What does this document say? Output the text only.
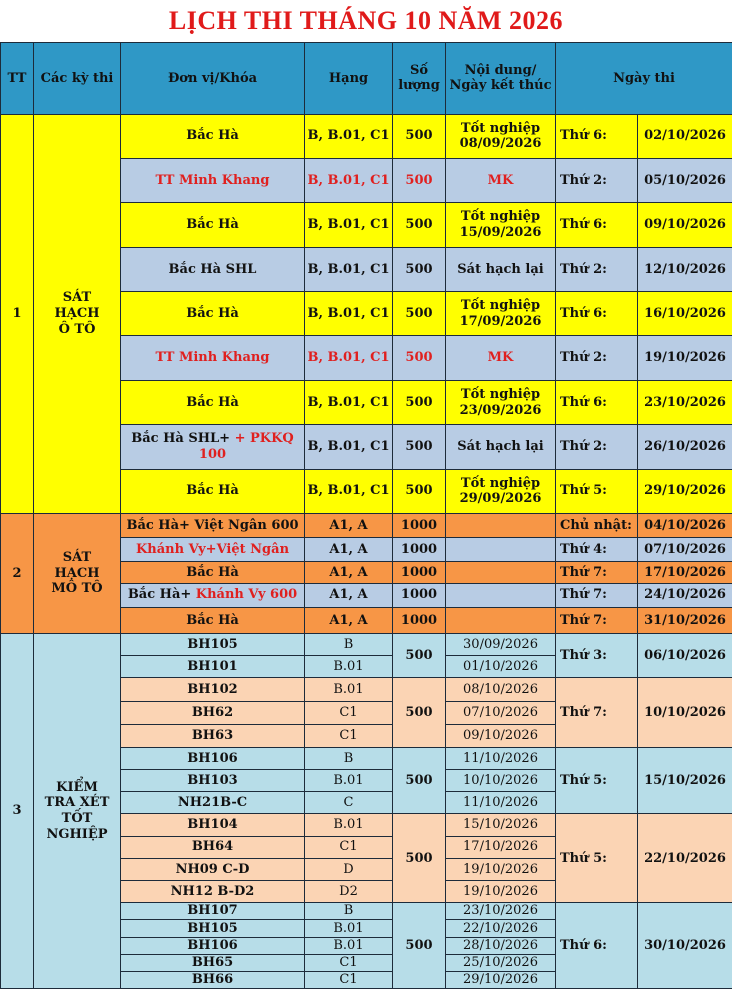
LỊCH THI THÁNG 10 NĂM 2026
TT	Các kỳ thi	Đơn vị/Khóa	Hạng	Số
lượng	Nội dung/
Ngày kết thúc	Ngày thi	
1	SÁT
HẠCH
Ô TÔ	Bắc Hà	B, B.01, C1	500	Tốt nghiệp
08/09/2026	Thứ 6:	02/10/2026
		TT Minh Khang	B, B.01, C1	500	MK	Thứ 2:	05/10/2026
		Bắc Hà	B, B.01, C1	500	Tốt nghiệp
15/09/2026	Thứ 6:	09/10/2026
		Bắc Hà SHL	B, B.01, C1	500	Sát hạch lại	Thứ 2:	12/10/2026
		Bắc Hà	B, B.01, C1	500	Tốt nghiệp
17/09/2026	Thứ 6:	16/10/2026
		TT Minh Khang	B, B.01, C1	500	MK	Thứ 2:	19/10/2026
		Bắc Hà	B, B.01, C1	500	Tốt nghiệp
23/09/2026	Thứ 6:	23/10/2026
		Bắc Hà SHL+ + PKKQ
100	B, B.01, C1	500	Sát hạch lại	Thứ 2:	26/10/2026
		Bắc Hà	B, B.01, C1	500	Tốt nghiệp
29/09/2026	Thứ 5:	29/10/2026
2	SÁT
HẠCH
MÔ TÔ	Bắc Hà+ Việt Ngân 600	A1, A	1000		Chủ nhật:	04/10/2026
		Khánh Vy+Việt Ngân	A1, A	1000		Thứ 4:	07/10/2026
		Bắc Hà	A1, A	1000		Thứ 7:	17/10/2026
		Bắc Hà+ Khánh Vy 600	A1, A	1000		Thứ 7:	24/10/2026
		Bắc Hà	A1, A	1000		Thứ 7:	31/10/2026
3	KIỂM
TRA XÉT
TỐT
NGHIỆP	BH105	B	500	30/09/2026	Thứ 3:	06/10/2026
		BH101	B.01		01/10/2026		
		BH102	B.01	500	08/10/2026	Thứ 7:	10/10/2026
		BH62	C1		07/10/2026		
		BH63	C1		09/10/2026		
		BH106	B	500	11/10/2026	Thứ 5:	15/10/2026
		BH103	B.01		10/10/2026		
		NH21B-C	C		11/10/2026		
		BH104	B.01	500	15/10/2026	Thứ 5:	22/10/2026
		BH64	C1		17/10/2026		
		NH09 C-D	D		19/10/2026		
		NH12 B-D2	D2		19/10/2026		
		BH107	B	500	23/10/2026	Thứ 6:	30/10/2026
		BH105	B.01		22/10/2026		
		BH106	B.01		28/10/2026		
		BH65	C1		25/10/2026		
		BH66	C1		29/10/2026		
